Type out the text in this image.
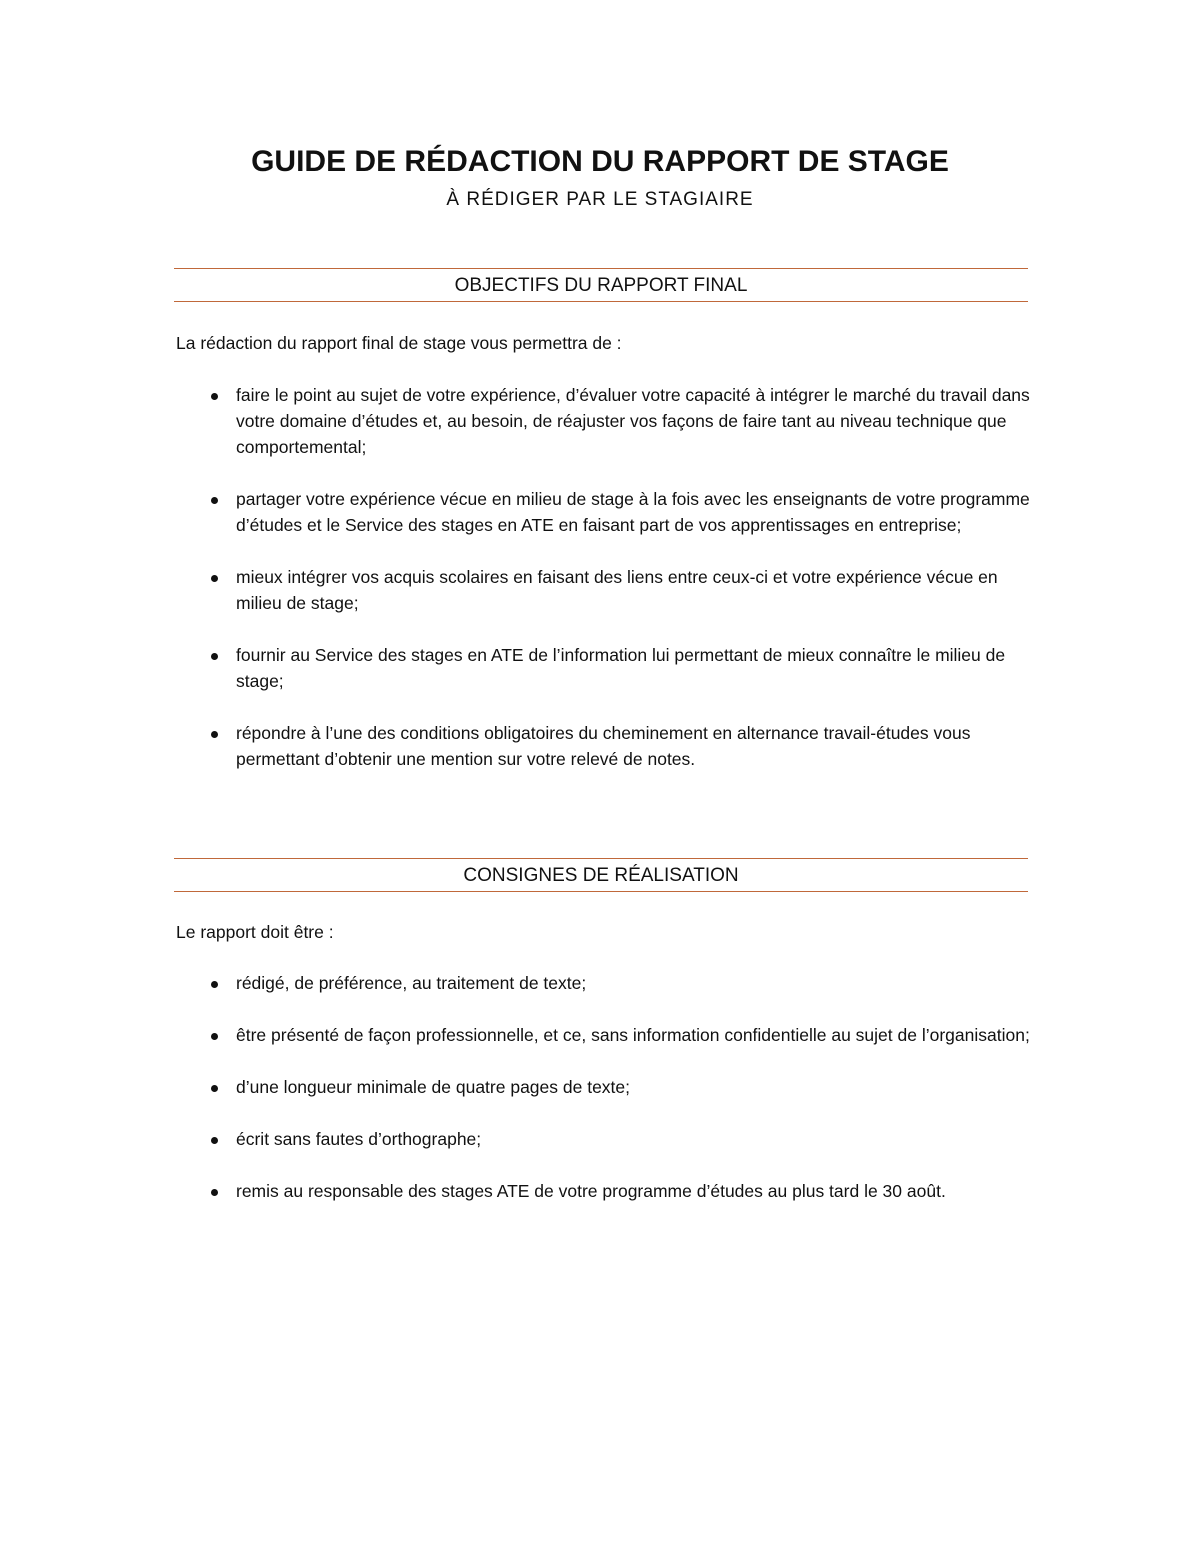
GUIDE DE RÉDACTION DU RAPPORT DE STAGE
À RÉDIGER PAR LE STAGIAIRE
OBJECTIFS DU RAPPORT FINAL
La rédaction du rapport final de stage vous permettra de :
faire le point au sujet de votre expérience, d’évaluer votre capacité à intégrer le marché du travail dans votre domaine d’études et, au besoin, de réajuster vos façons de faire tant au niveau technique que comportemental;
partager votre expérience vécue en milieu de stage à la fois avec les enseignants de votre programme d’études et le Service des stages en ATE en faisant part de vos apprentissages en entreprise;
mieux intégrer vos acquis scolaires en faisant des liens entre ceux-ci et votre expérience vécue en milieu de stage;
fournir au Service des stages en ATE de l’information lui permettant de mieux connaître le milieu de stage;
répondre à l’une des conditions obligatoires du cheminement en alternance travail-études vous permettant d’obtenir une mention sur votre relevé de notes.
CONSIGNES DE RÉALISATION
Le rapport doit être :
rédigé, de préférence, au traitement de texte;
être présenté de façon professionnelle, et ce, sans information confidentielle au sujet de l’organisation;
d’une longueur minimale de quatre pages de texte;
écrit sans fautes d’orthographe;
remis au responsable des stages ATE de votre programme d’études au plus tard le 30 août.
